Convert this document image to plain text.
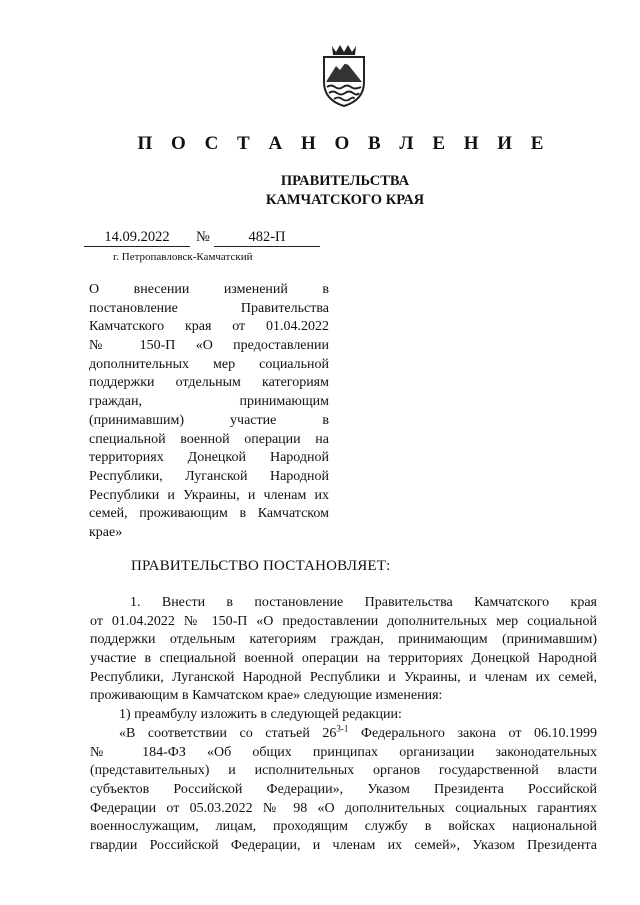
П О С Т А Н О В Л Е Н И Е
ПРАВИТЕЛЬСТВА
КАМЧАТСКОГО КРАЯ
14.09.2022	№	482-П
г. Петропавловск-Камчатский
О внесении изменений в
постановление Правительства
Камчатского края от 01.04.2022
№ 150-П «О предоставлении
дополнительных мер социальной
поддержки отдельным категориям
граждан, принимающим
(принимавшим) участие в
специальной военной операции на
территориях Донецкой Народной
Республики, Луганской Народной
Республики и Украины, и членам их
семей, проживающим в Камчатском
крае»
ПРАВИТЕЛЬСТВО ПОСТАНОВЛЯЕТ:
1. Внести в постановление Правительства Камчатского края
от 01.04.2022 № 150-П «О предоставлении дополнительных мер социальной
поддержки отдельным категориям граждан, принимающим (принимавшим)
участие в специальной военной операции на территориях Донецкой Народной
Республики, Луганской Народной Республики и Украины, и членам их семей,
проживающим в Камчатском крае» следующие изменения:
1) преамбулу изложить в следующей редакции:
«В соответствии со статьей 26$^{3-1}$ Федерального закона от 06.10.1999
№ 184-ФЗ «Об общих принципах организации законодательных
(представительных) и исполнительных органов государственной власти
субъектов Российской Федерации», Указом Президента Российской
Федерации от 05.03.2022 № 98 «О дополнительных социальных гарантиях
военнослужащим, лицам, проходящим службу в войсках национальной
гвардии Российской Федерации, и членам их семей», Указом Президента
